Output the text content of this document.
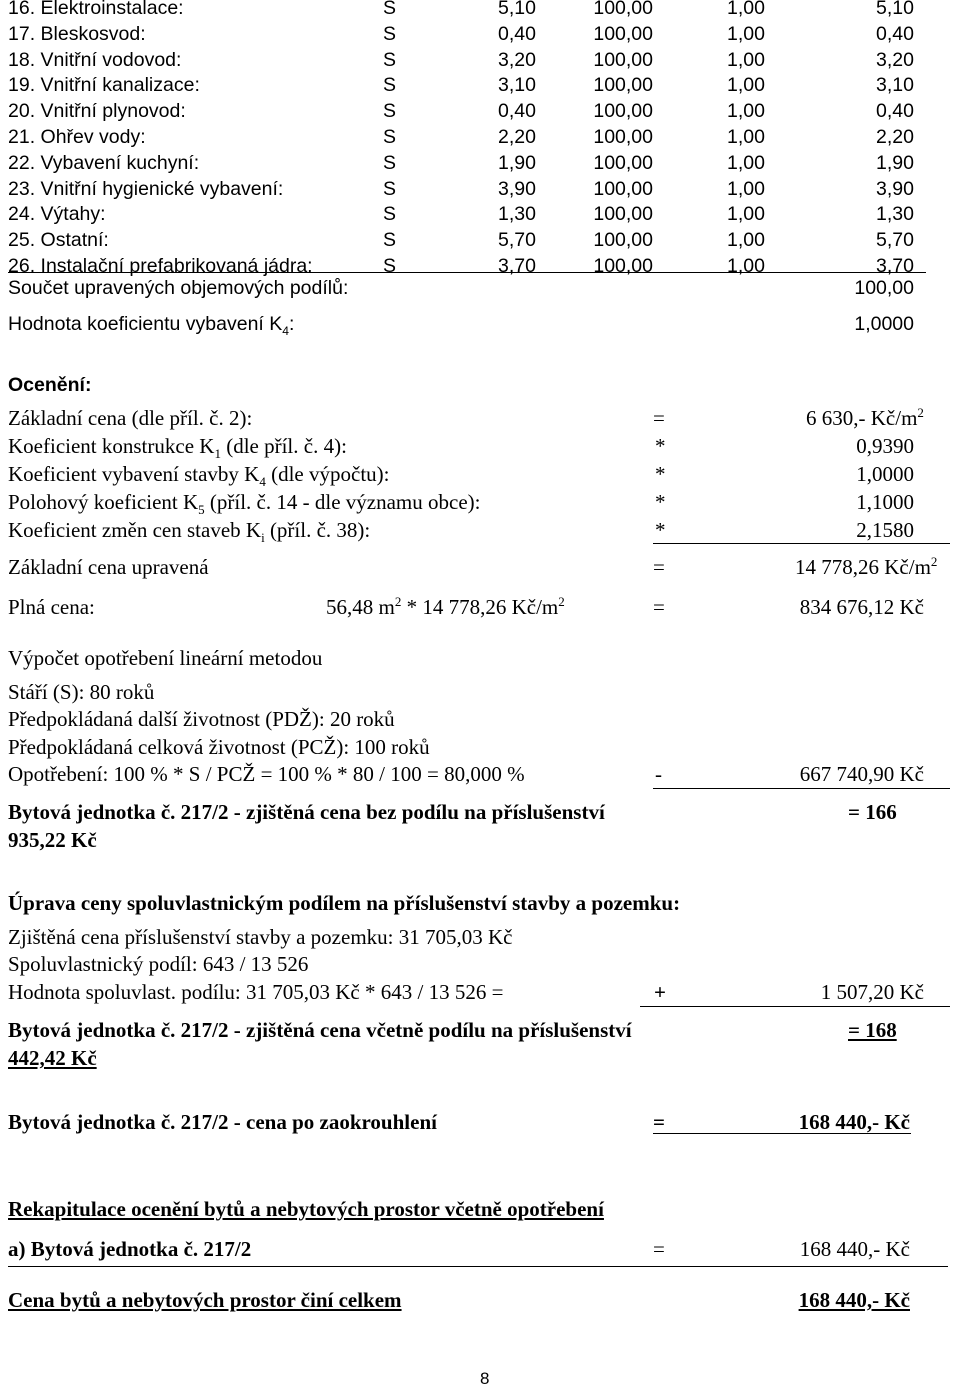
16. Elektroinstalace:	S	5,10	100,00	1,00	5,10
17. Bleskosvod:	S	0,40	100,00	1,00	0,40
18. Vnitřní vodovod:	S	3,20	100,00	1,00	3,20
19. Vnitřní kanalizace:	S	3,10	100,00	1,00	3,10
20. Vnitřní plynovod:	S	0,40	100,00	1,00	0,40
21. Ohřev vody:	S	2,20	100,00	1,00	2,20
22. Vybavení kuchyní:	S	1,90	100,00	1,00	1,90
23. Vnitřní hygienické vybavení:	S	3,90	100,00	1,00	3,90
24. Výtahy:	S	1,30	100,00	1,00	1,30
25. Ostatní:	S	5,70	100,00	1,00	5,70
26. Instalační prefabrikovaná jádra:	S	3,70	100,00	1,00	3,70
Součet upravených objemových podílů:	100,00
Hodnota koeficientu vybavení $K_4$:	1,0000
Ocenění:
Základní cena (dle příl. č. 2):	=	6 630,- $Kč/m^2$
Koeficient konstrukce $K_1$ (dle příl. č. 4):	*	0,9390
Koeficient vybavení stavby $K_4$ (dle výpočtu):	*	1,0000
Polohový koeficient $K_5$ (příl. č. 14 - dle významu obce):	*	1,1000
Koeficient změn cen staveb $K_i$ (příl. č. 38):	*	2,1580
Základní cena upravená	=	14 778,26 $Kč/m^2$
Plná cena:	56,48 $m^2 * 14$ 778,26 $Kč/m^2$	=	834 676,12 Kč
Výpočet opotřebení lineární metodou
Stáří (S): 80 roků
Předpokládaná další životnost (PDŽ): 20 roků
Předpokládaná celková životnost (PCŽ): 100 roků
Opotřebení: 100 % * S / PCŽ = 100 % * 80 / 100 = 80,000 %	-	667 740,90 Kč
Bytová jednotka č. 217/2 - zjištěná cena bez podílu na příslušenství	= 166
935,22 Kč
Úprava ceny spoluvlastnickým podílem na příslušenství stavby a pozemku:
Zjištěná cena příslušenství stavby a pozemku: 31 705,03 Kč
Spoluvlastnický podíl: 643 / 13 526
Hodnota spoluvlast. podílu: 31 705,03 Kč * 643 / 13 526 =	+	1 507,20 Kč
Bytová jednotka č. 217/2 - zjištěná cena včetně podílu na příslušenství	= 168
442,42 Kč
Bytová jednotka č. 217/2 - cena po zaokrouhlení	=	168 440,- Kč
Rekapitulace ocenění bytů a nebytových prostor včetně opotřebení
a) Bytová jednotka č. 217/2	=	168 440,- Kč
Cena bytů a nebytových prostor činí celkem	168 440,- Kč
8
